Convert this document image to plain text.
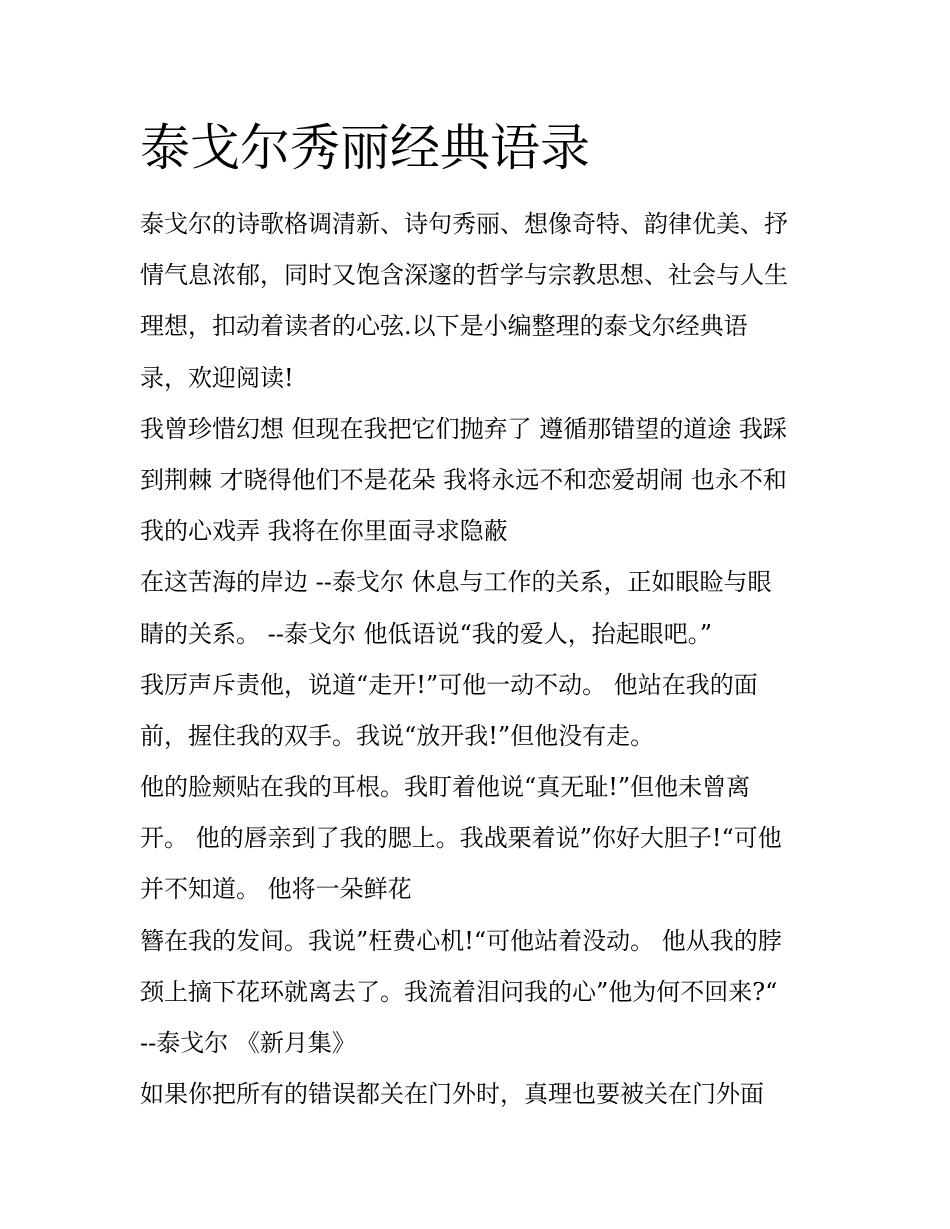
泰戈尔秀丽经典语录
泰戈尔的诗歌格调清新、诗句秀丽、想像奇特、韵律优美、抒
情气息浓郁，同时又饱含深邃的哲学与宗教思想、社会与人生
理想，扣动着读者的心弦.以下是小编整理的泰戈尔经典语
录，欢迎阅读!
我曾珍惜幻想 但现在我把它们抛弃了 遵循那错望的道途 我踩
到荆棘 才晓得他们不是花朵 我将永远不和恋爱胡闹 也永不和
我的心戏弄 我将在你里面寻求隐蔽
在这苦海的岸边 --泰戈尔 休息与工作的关系，正如眼睑与眼
睛的关系。 --泰戈尔 他低语说“我的爱人，抬起眼吧。”
我厉声斥责他，说道“走开!”可他一动不动。 他站在我的面
前，握住我的双手。我说“放开我!”但他没有走。
他的脸颊贴在我的耳根。我盯着他说“真无耻!”但他未曾离
开。 他的唇亲到了我的腮上。我战栗着说”你好大胆子!“可他
并不知道。 他将一朵鲜花
簪在我的发间。我说”枉费心机!“可他站着没动。 他从我的脖
颈上摘下花环就离去了。我流着泪问我的心”他为何不回来?“
--泰戈尔 《新月集》
如果你把所有的错误都关在门外时，真理也要被关在门外面
